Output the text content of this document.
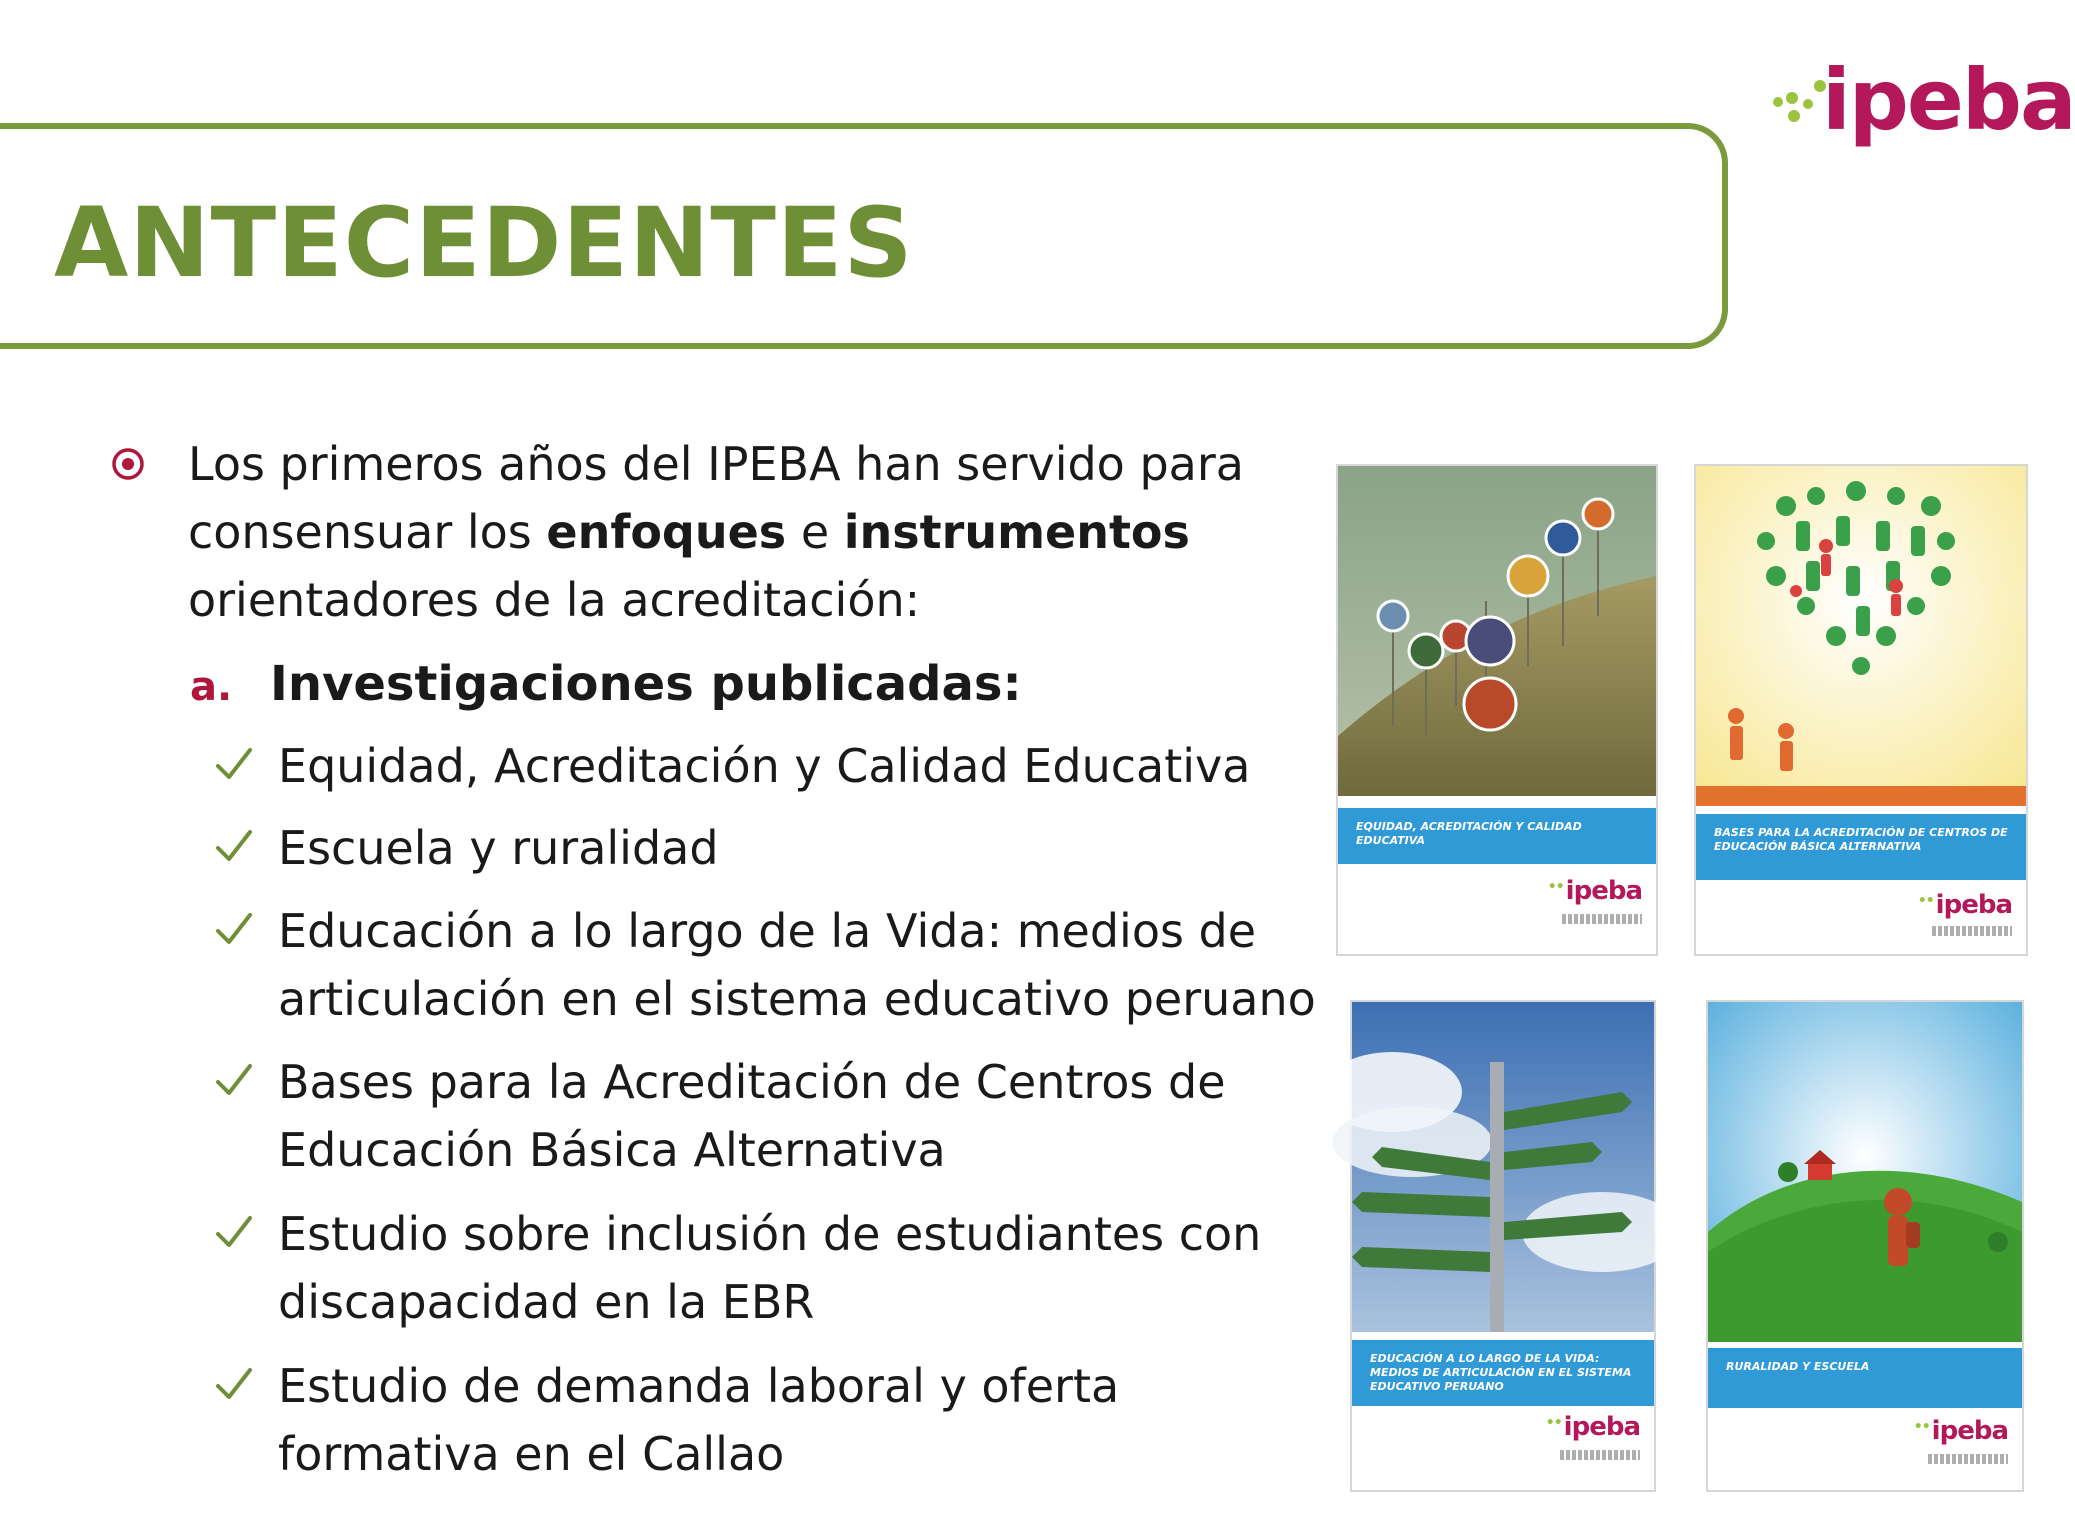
ipeba
ANTECEDENTES

Los primeros años del IPEBA han servido para consensuar los enfoques e instrumentos orientadores de la acreditación:

a. Investigaciones publicadas:
Equidad, Acreditación y Calidad Educativa
Escuela y ruralidad
Educación a lo largo de la Vida: medios de articulación en el sistema educativo peruano
Bases para la Acreditación de Centros de Educación Básica Alternativa
Estudio sobre inclusión de estudiantes con discapacidad en la EBR
Estudio de demanda laboral y oferta formativa en el Callao
EQUIDAD, ACREDITACIÓN Y CALIDAD EDUCATIVA
•• ipeba
BASES PARA LA ACREDITACIÓN DE CENTROS DE EDUCACIÓN BÁSICA ALTERNATIVA
•• ipeba
EDUCACIÓN A LO LARGO DE LA VIDA: MEDIOS DE ARTICULACIÓN EN EL SISTEMA EDUCATIVO PERUANO
•• ipeba
RURALIDAD Y ESCUELA
•• ipeba
